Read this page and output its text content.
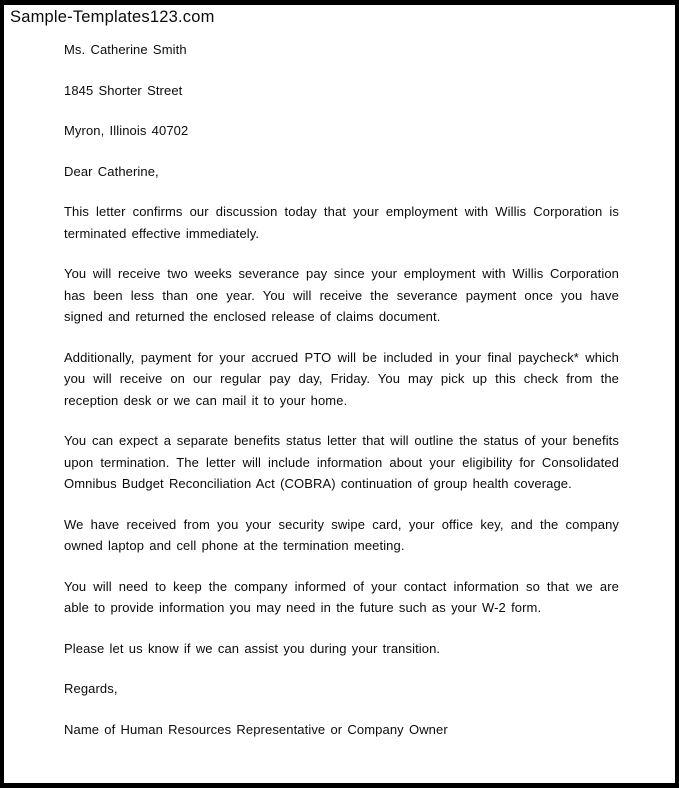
Sample-Templates123.com

Ms. Catherine Smith

1845 Shorter Street

Myron, Illinois 40702

Dear Catherine,

This letter confirms our discussion today that your employment with Willis Corporation is terminated effective immediately.

You will receive two weeks severance pay since your employment with Willis Corporation has been less than one year. You will receive the severance payment once you have signed and returned the enclosed release of claims document.

Additionally, payment for your accrued PTO will be included in your final paycheck* which you will receive on our regular pay day, Friday. You may pick up this check from the reception desk or we can mail it to your home.

You can expect a separate benefits status letter that will outline the status of your benefits upon termination. The letter will include information about your eligibility for Consolidated Omnibus Budget Reconciliation Act (COBRA) continuation of group health coverage.

We have received from you your security swipe card, your office key, and the company owned laptop and cell phone at the termination meeting.

You will need to keep the company informed of your contact information so that we are able to provide information you may need in the future such as your W-2 form.

Please let us know if we can assist you during your transition.

Regards,

Name of Human Resources Representative or Company Owner
